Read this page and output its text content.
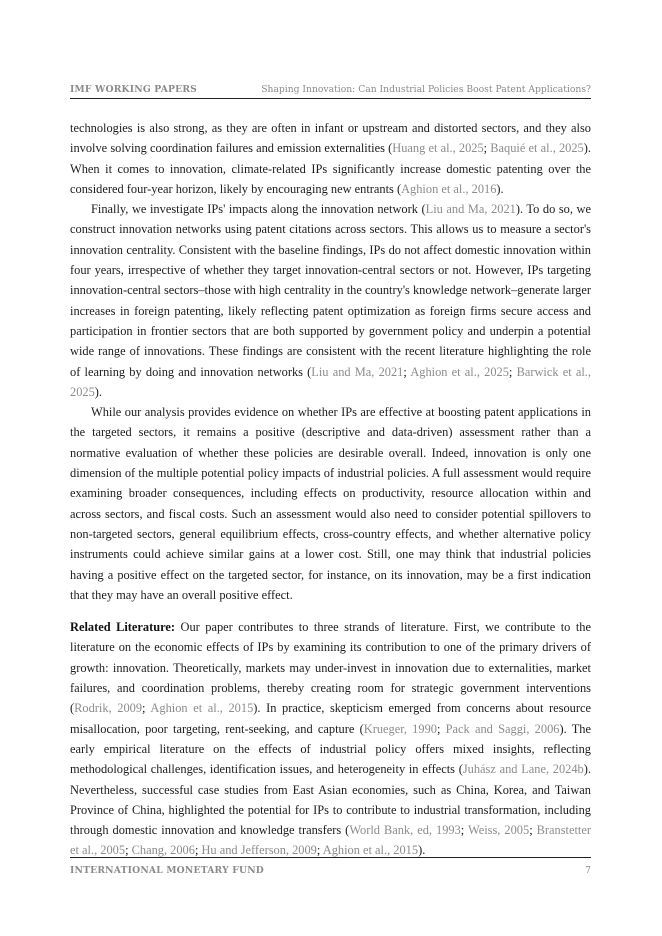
IMF WORKING PAPERS	Shaping Innovation: Can Industrial Policies Boost Patent Applications?

technologies is also strong, as they are often in infant or upstream and distorted sectors, and they also involve solving coordination failures and emission externalities (Huang et al., 2025; Baquié et al., 2025). When it comes to innovation, climate-related IPs significantly increase domestic patenting over the considered four-year horizon, likely by encouraging new entrants (Aghion et al., 2016).

Finally, we investigate IPs' impacts along the innovation network (Liu and Ma, 2021). To do so, we construct innovation networks using patent citations across sectors. This allows us to measure a sector's innovation centrality. Consistent with the baseline findings, IPs do not affect domestic innovation within four years, irrespective of whether they target innovation-central sectors or not. However, IPs targeting innovation-central sectors–those with high centrality in the country's knowledge network–generate larger increases in foreign patenting, likely reflecting patent optimization as foreign firms secure access and participation in frontier sectors that are both supported by government policy and underpin a potential wide range of innovations. These findings are consistent with the recent literature highlighting the role of learning by doing and innovation networks (Liu and Ma, 2021; Aghion et al., 2025; Barwick et al., 2025).

While our analysis provides evidence on whether IPs are effective at boosting patent applications in the targeted sectors, it remains a positive (descriptive and data-driven) assessment rather than a normative evaluation of whether these policies are desirable overall. Indeed, innovation is only one dimension of the multiple potential policy impacts of industrial policies. A full assessment would require examining broader consequences, including effects on productivity, resource allocation within and across sectors, and fiscal costs. Such an assessment would also need to consider potential spillovers to non-targeted sectors, general equilibrium effects, cross-country effects, and whether alternative policy instruments could achieve similar gains at a lower cost. Still, one may think that industrial policies having a positive effect on the targeted sector, for instance, on its innovation, may be a first indication that they may have an overall positive effect.

Related Literature: Our paper contributes to three strands of literature. First, we contribute to the literature on the economic effects of IPs by examining its contribution to one of the primary drivers of growth: innovation. Theoretically, markets may under-invest in innovation due to externalities, market failures, and coordination problems, thereby creating room for strategic government interventions (Rodrik, 2009; Aghion et al., 2015). In practice, skepticism emerged from concerns about resource misallocation, poor targeting, rent-seeking, and capture (Krueger, 1990; Pack and Saggi, 2006). The early empirical literature on the effects of industrial policy offers mixed insights, reflecting methodological challenges, identification issues, and heterogeneity in effects (Juhász and Lane, 2024b). Nevertheless, successful case studies from East Asian economies, such as China, Korea, and Taiwan Province of China, highlighted the potential for IPs to contribute to industrial transformation, including through domestic innovation and knowledge transfers (World Bank, ed, 1993; Weiss, 2005; Branstetter et al., 2005; Chang, 2006; Hu and Jefferson, 2009; Aghion et al., 2015).

INTERNATIONAL MONETARY FUND	7
